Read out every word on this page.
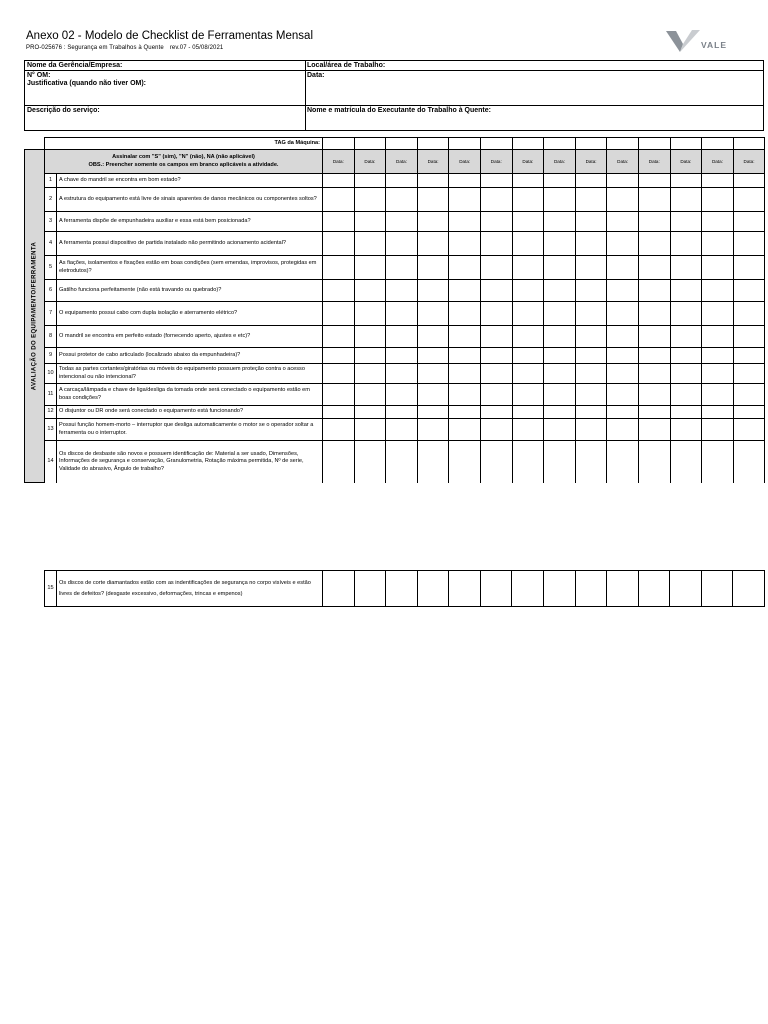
Anexo 02 - Modelo de Checklist de Ferramentas Mensal
PRO-025676 : Segurança em Trabalhos à Quente rev.07 - 05/08/2021	VALE
Nome da Gerência/Empresa:	Local/área de Trabalho:
N° OM:
Justificativa (quando não tiver OM):
Data:
Descrição do serviço:	Nome e matrícula do Executante do Trabalho à Quente:
	TAG da Máquina:															

AVALIAÇÃO DO EQUIPAMENTO/FERRAMENTA	Assinalar com "S" (sim), "N" (não), NA (não aplicável)
OBS.: Preencher somente os campos em branco aplicáveis a atividade.		Data:	Data:	Data:	Data:	Data:	Data:	Data:	Data:	Data:	Data:	Data:	Data:	Data:	Data:
	1	A chave do mandril se encontra em bom estado?														
	2	A estrutura do equipamento está livre de sinais aparentes de danos mecânicos ou componentes soltos?														
	3	A ferramenta dispõe de empunhadeira auxiliar e essa está bem posicionada?														
	4	A ferramenta possui dispositivo de partida instalado não permitindo acionamento acidental?														
	5	As fiações, isolamentos e fixações estão em boas condições (sem emendas, improvisos, protegidas em eletrodutos)?														
	6	Gatilho funciona perfeitamente (não está travando ou quebrado)?														
	7	O equipamento possui cabo com dupla isolação e aterramento elétrico?														
	8	O mandril se encontra em perfeito estado (fornecendo aperto, ajustes e etc)?														
	9	Possui protetor de cabo articulado (localizado abaixo da empunhadeira)?														
	10	Todas as partes cortantes/giratórias ou móveis do equipamento possuem proteção contra o acesso intencional ou não intencional?														
	11	A carcaça/lâmpada e chave de liga/desliga da tomada onde será conectado o equipamento estão em boas condições?														
	12	O disjuntor ou DR onde será conectado o equipamento está funcionando?														
	13	Possui função homem-morto – interruptor que desliga automaticamente o motor se o operador soltar a ferramenta ou o interruptor.														
	14	Os discos de desbaste são novos e possuem identificação de: Material a ser usado, Dimensões, Informações de segurança e conservação, Granulometria, Rotação máxima permitida, Nº de serie, Validade do abrasivo, Ângulo de trabalho?														
15	Os discos de corte diamantados estão com as indentificações de segurança no corpo visíveis e estão livres de defeitos? (desgaste excessivo, deformações, trincas e empenos)														
